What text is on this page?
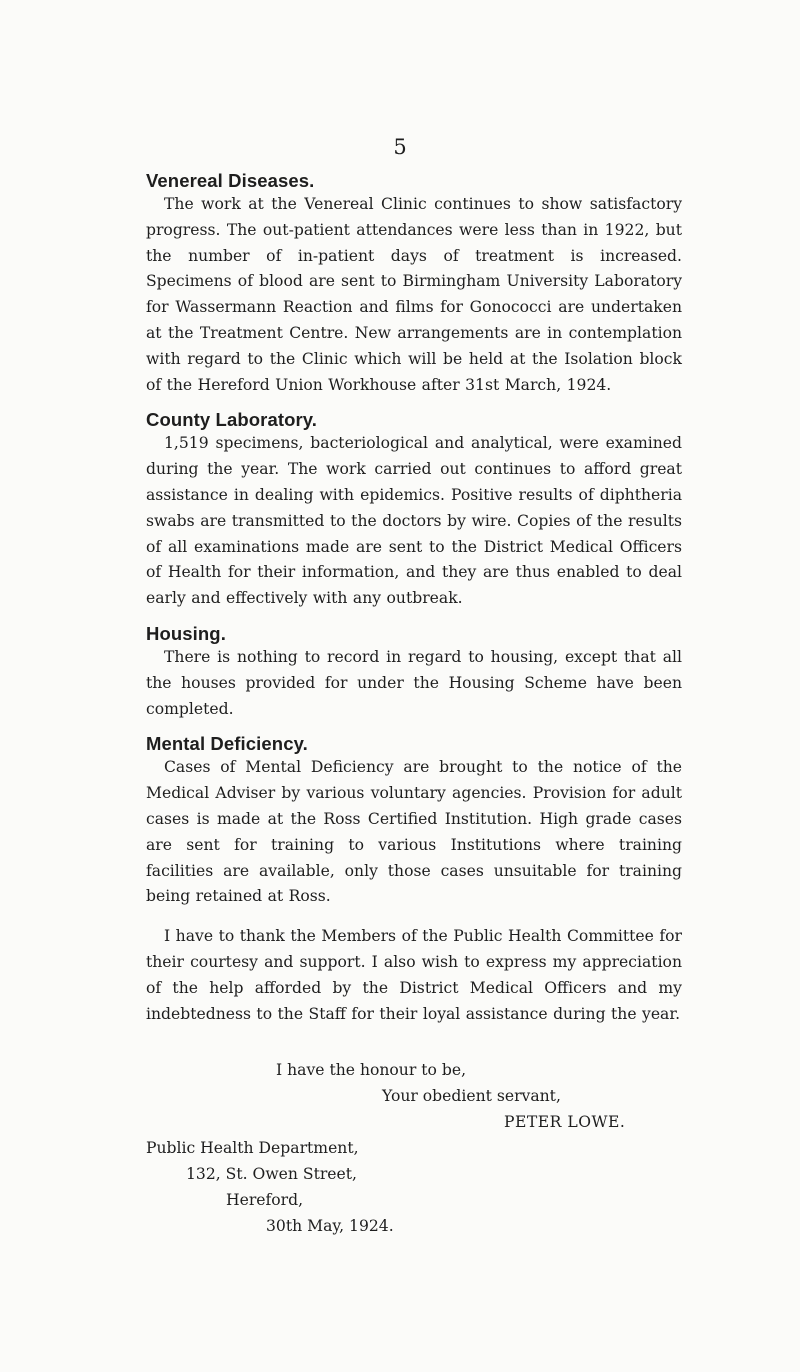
5
Venereal Diseases.

The work at the Venereal Clinic continues to show satisfactory progress. The out-patient attendances were less than in 1922, but the number of in-patient days of treatment is increased. Specimens of blood are sent to Birmingham University Laboratory for Wassermann Reaction and films for Gonococci are undertaken at the Treatment Centre. New arrangements are in contemplation with regard to the Clinic which will be held at the Isolation block of the Hereford Union Workhouse after 31st March, 1924.

County Laboratory.

1,519 specimens, bacteriological and analytical, were examined during the year. The work carried out continues to afford great assistance in dealing with epidemics. Positive results of diphtheria swabs are transmitted to the doctors by wire. Copies of the results of all examinations made are sent to the District Medical Officers of Health for their information, and they are thus enabled to deal early and effectively with any outbreak.

Housing.

There is nothing to record in regard to housing, except that all the houses provided for under the Housing Scheme have been completed.

Mental Deficiency.

Cases of Mental Deficiency are brought to the notice of the Medical Adviser by various voluntary agencies. Provision for adult cases is made at the Ross Certified Institution. High grade cases are sent for training to various Institutions where training facilities are available, only those cases unsuitable for training being retained at Ross.

I have to thank the Members of the Public Health Committee for their courtesy and support. I also wish to express my appreciation of the help afforded by the District Medical Officers and my indebtedness to the Staff for their loyal assistance during the year.

I have the honour to be,
Your obedient servant,
PETER LOWE.
Public Health Department,
132, St. Owen Street,
Hereford,
30th May, 1924.
